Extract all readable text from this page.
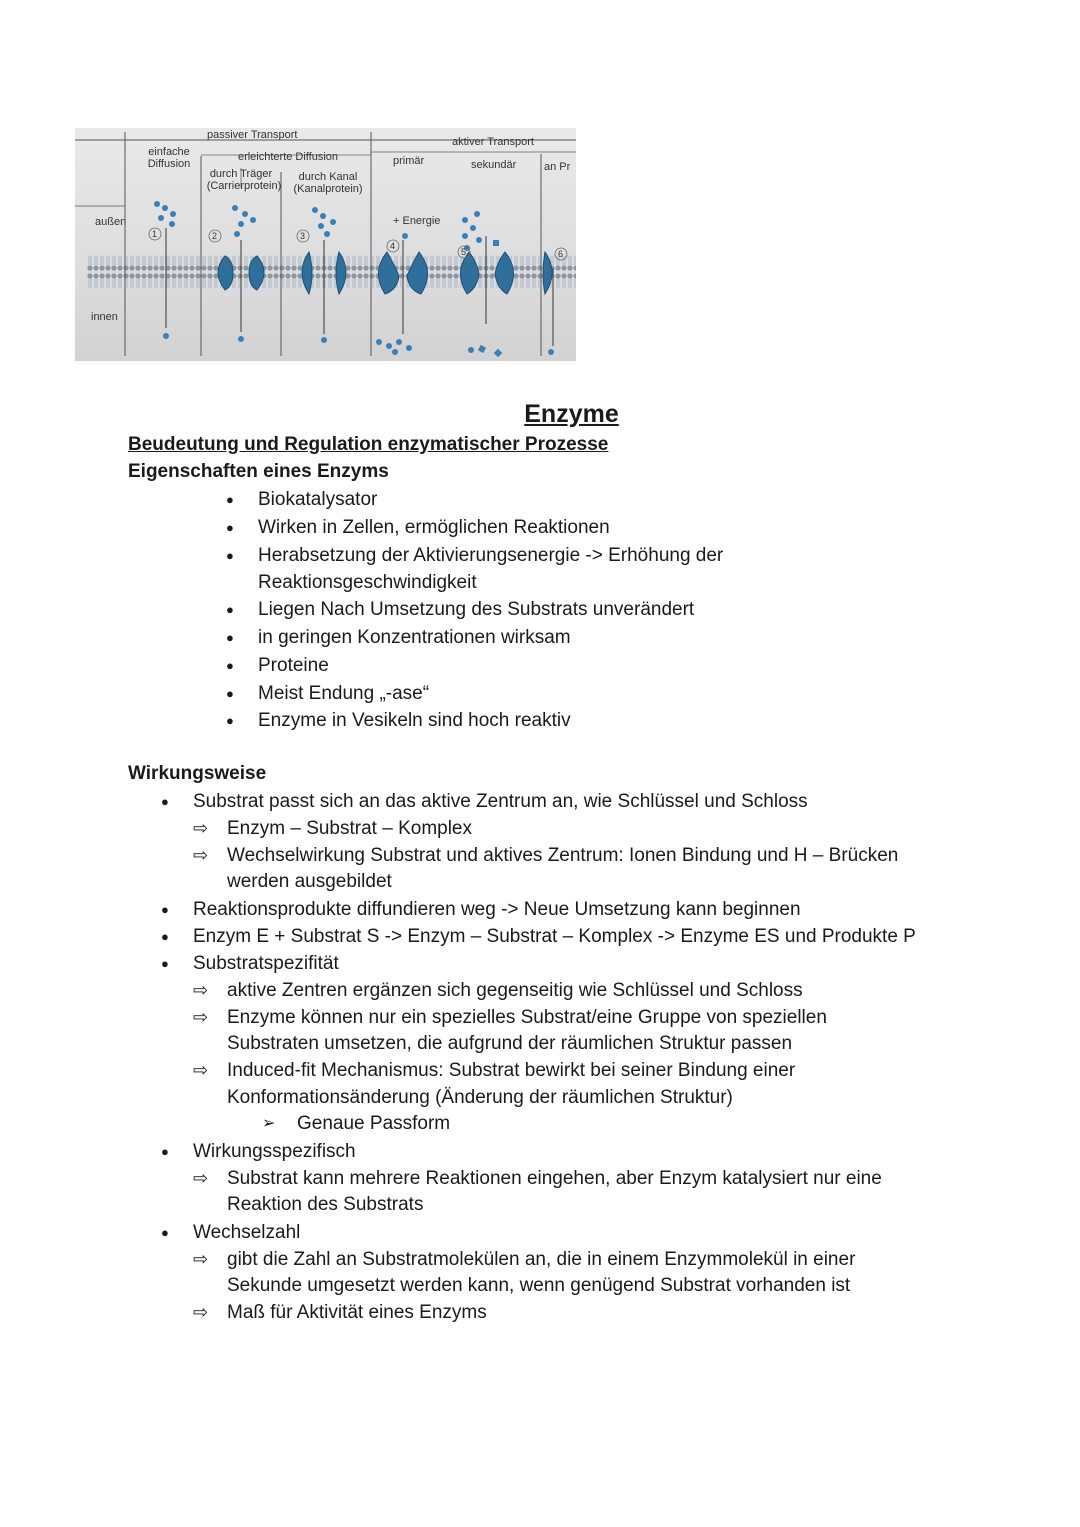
passiver Transport
aktiver Transport
einfache
Diffusion
erleichterte Diffusion
durch Träger
(Carrierprotein)
durch Kanal
(Kanalprotein)
primär	sekundär	an Pr
außen
innen
+ Energie
1	2	3
4
5	6
Enzyme
Beudeutung und Regulation enzymatischer Prozesse
Eigenschaften eines Enzyms
● Biokatalysator
● Wirken in Zellen, ermöglichen Reaktionen
● Herabsetzung der Aktivierungsenergie -> Erhöhung der
Reaktionsgeschwindigkeit
● Liegen Nach Umsetzung des Substrats unverändert
● in geringen Konzentrationen wirksam
● Proteine
● Meist Endung „-ase“
● Enzyme in Vesikeln sind hoch reaktiv
Wirkungsweise
● Substrat passt sich an das aktive Zentrum an, wie Schlüssel und Schloss
⇨ Enzym – Substrat – Komplex
⇨ Wechselwirkung Substrat und aktives Zentrum: Ionen Bindung und H – Brücken
werden ausgebildet
● Reaktionsprodukte diffundieren weg -> Neue Umsetzung kann beginnen
● Enzym E + Substrat S -> Enzym – Substrat – Komplex -> Enzyme ES und Produkte P
● Substratspezifität
⇨ aktive Zentren ergänzen sich gegenseitig wie Schlüssel und Schloss
⇨ Enzyme können nur ein spezielles Substrat/eine Gruppe von speziellen
Substraten umsetzen, die aufgrund der räumlichen Struktur passen
⇨ Induced-fit Mechanismus: Substrat bewirkt bei seiner Bindung einer
Konformationsänderung (Änderung der räumlichen Struktur)
➢ Genaue Passform
● Wirkungsspezifisch
⇨ Substrat kann mehrere Reaktionen eingehen, aber Enzym katalysiert nur eine
Reaktion des Substrats
● Wechselzahl
⇨ gibt die Zahl an Substratmolekülen an, die in einem Enzymmolekül in einer
Sekunde umgesetzt werden kann, wenn genügend Substrat vorhanden ist
⇨ Maß für Aktivität eines Enzyms
